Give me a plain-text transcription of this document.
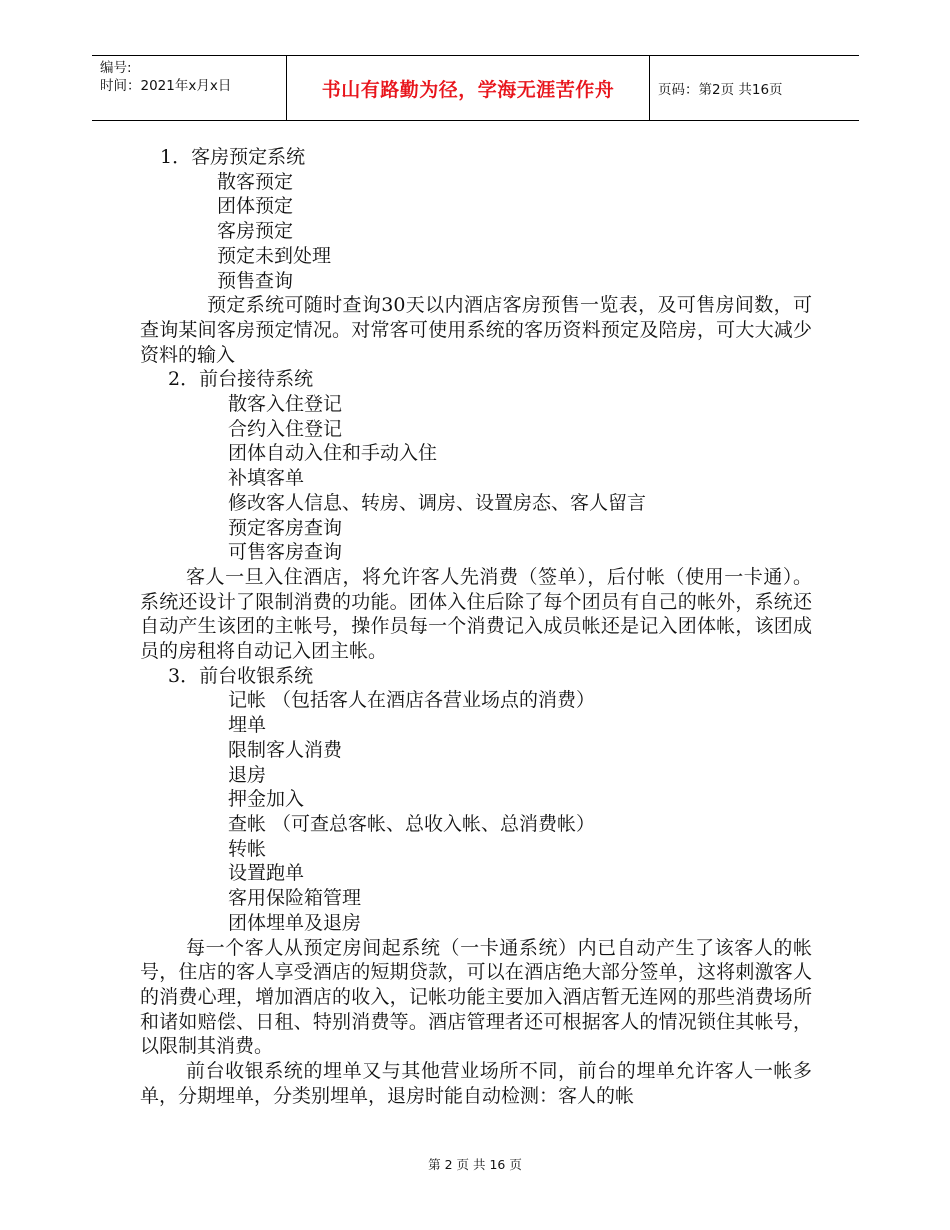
编号:
时间：2021年x月x日	书山有路勤为径，学海无涯苦作舟	页码：第2页 共16页
1．客房预定系统
散客预定
团体预定
客房预定
预定未到处理
预售查询
预定系统可随时查询30天以内酒店客房预售一览表，及可售房间数，可查询某间客房预定情况。对常客可使用系统的客历资料预定及陪房，可大大减少资料的输入
2．前台接待系统
散客入住登记
合约入住登记
团体自动入住和手动入住
补填客单
修改客人信息、转房、调房、设置房态、客人留言
预定客房查询
可售客房查询
客人一旦入住酒店，将允许客人先消费（签单），后付帐（使用一卡通）。系统还设计了限制消费的功能。团体入住后除了每个团员有自己的帐外，系统还自动产生该团的主帐号，操作员每一个消费记入成员帐还是记入团体帐，该团成员的房租将自动记入团主帐。
3．前台收银系统
记帐 （包括客人在酒店各营业场点的消费）
埋单
限制客人消费
退房
押金加入
查帐 （可查总客帐、总收入帐、总消费帐）
转帐
设置跑单
客用保险箱管理
团体埋单及退房
每一个客人从预定房间起系统（一卡通系统）内已自动产生了该客人的帐号，住店的客人享受酒店的短期贷款，可以在酒店绝大部分签单，这将刺激客人的消费心理，增加酒店的收入，记帐功能主要加入酒店暂无连网的那些消费场所和诸如赔偿、日租、特别消费等。酒店管理者还可根据客人的情况锁住其帐号，以限制其消费。
前台收银系统的埋单又与其他营业场所不同，前台的埋单允许客人一帐多单，分期埋单，分类别埋单，退房时能自动检测：客人的帐
第 2 页 共 16 页
